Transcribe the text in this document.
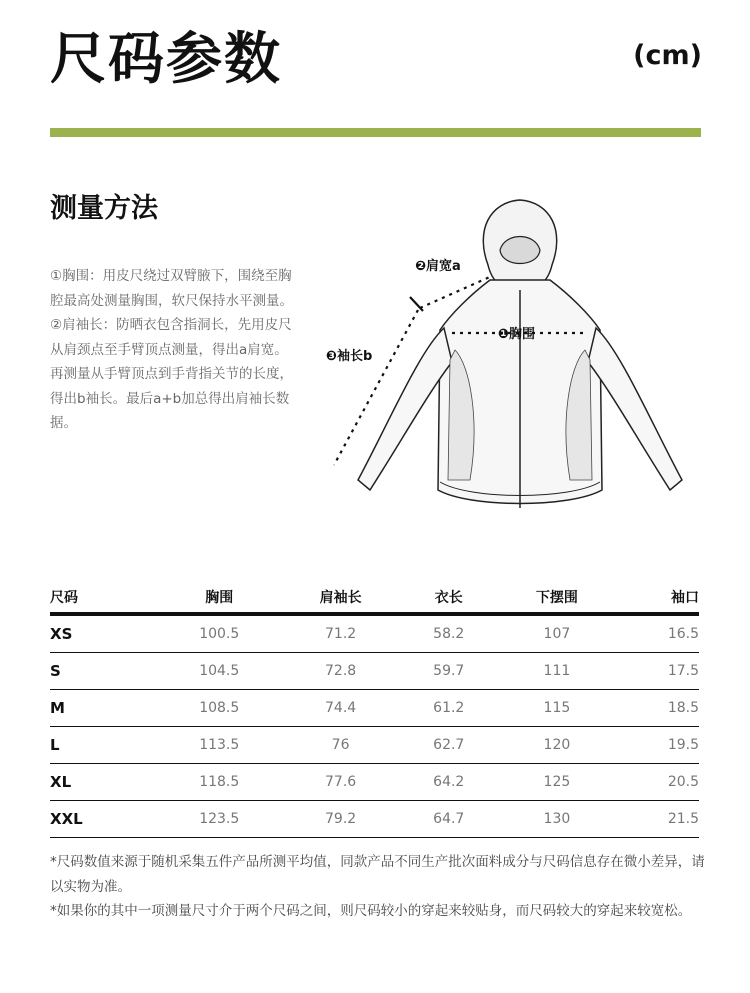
尺码参数	(cm)
测量方法

①胸围：用皮尺绕过双臂腋下，围绕至胸腔最高处测量胸围，软尺保持水平测量。

②肩袖长：防晒衣包含指洞长，先用皮尺从肩颈点至手臂顶点测量，得出a肩宽。再测量从手臂顶点到手背指关节的长度，得出b袖长。最后a+b加总得出肩袖长数据。

❷肩宽a
❸袖长b
❶胸围
尺码	胸围	肩袖长	衣长	下摆围	袖口
XS	100.5	71.2	58.2	107	16.5
S	104.5	72.8	59.7	111	17.5
M	108.5	74.4	61.2	115	18.5
L	113.5	76	62.7	120	19.5
XL	118.5	77.6	64.2	125	20.5
XXL	123.5	79.2	64.7	130	21.5

*尺码数值来源于随机采集五件产品所测平均值，同款产品不同生产批次面料成分与尺码信息存在微小差异，请以实物为准。

*如果你的其中一项测量尺寸介于两个尺码之间，则尺码较小的穿起来较贴身，而尺码较大的穿起来较宽松。
